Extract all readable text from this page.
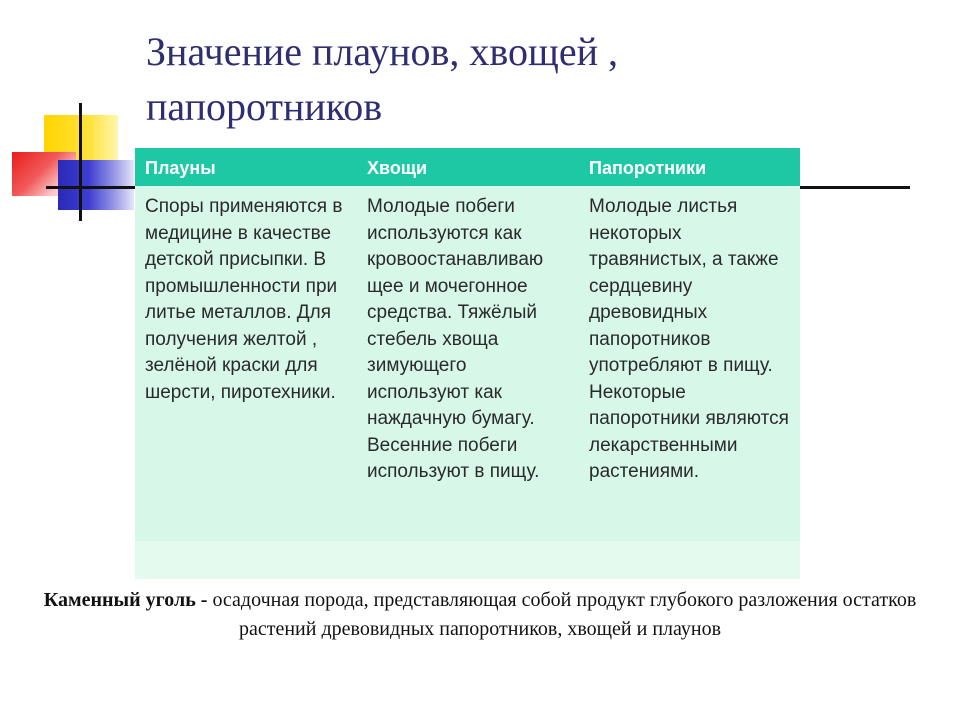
Значение плаунов, хвощей ,
папоротников
Плауны	Хвощи	Папоротники
Споры применяются в медицине в качестве детской присыпки. В промышленности при литье металлов. Для получения желтой , зелёной краски для шерсти, пиротехники.
Молодые побеги используются как кровоостанавливаю щее и мочегонное средства. Тяжёлый стебель хвоща зимующего используют как наждачную бумагу. Весенние побеги используют в пищу.
Молодые листья некоторых травянистых, а также сердцевину древовидных папоротников употребляют в пищу. Некоторые папоротники являются лекарственными растениями.
Каменный уголь - осадочная порода, представляющая собой продукт глубокого разложения остатков растений древовидных папоротников, хвощей и плаунов
